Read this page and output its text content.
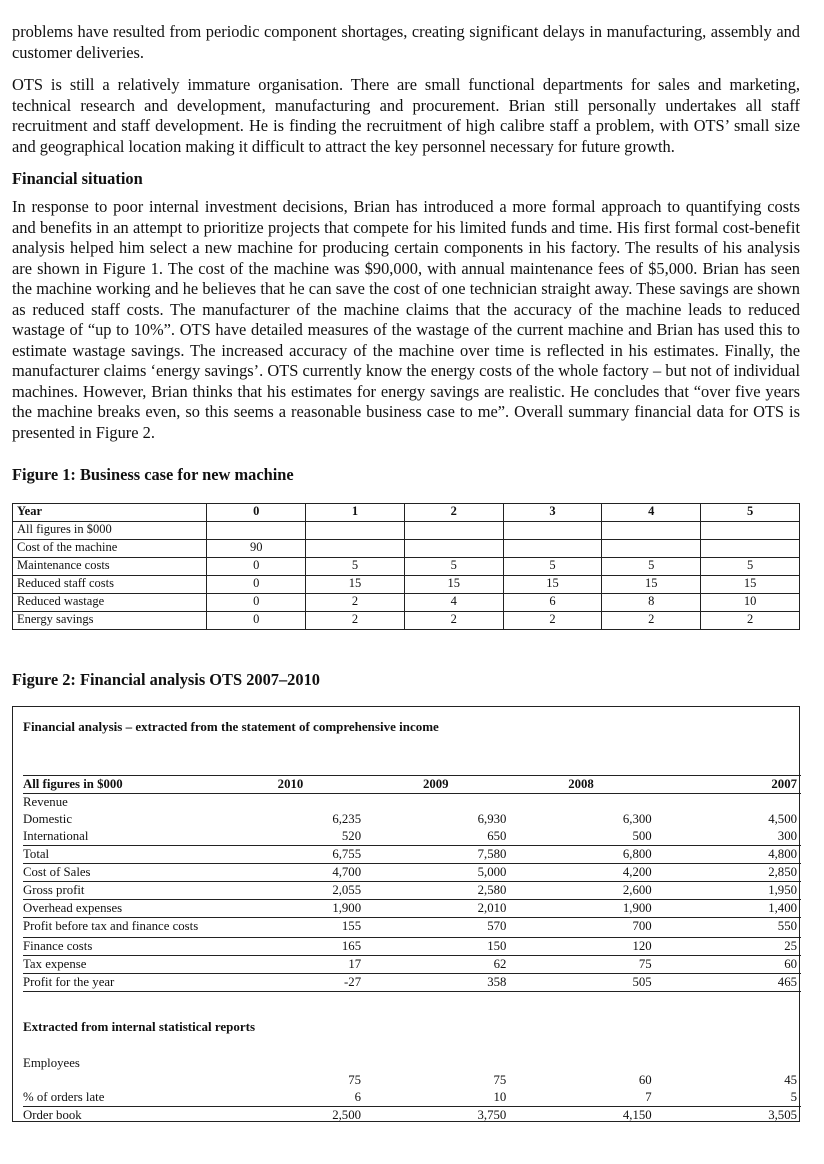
problems have resulted from periodic component shortages, creating significant delays in manufacturing, assembly and customer deliveries.

OTS is still a relatively immature organisation. There are small functional departments for sales and marketing, technical research and development, manufacturing and procurement. Brian still personally undertakes all staff recruitment and staff development. He is finding the recruitment of high calibre staff a problem, with OTS’ small size and geographical location making it difficult to attract the key personnel necessary for future growth.

Financial situation

In response to poor internal investment decisions, Brian has introduced a more formal approach to quantifying costs and benefits in an attempt to prioritize projects that compete for his limited funds and time. His first formal cost-benefit analysis helped him select a new machine for producing certain components in his factory. The results of his analysis are shown in Figure 1. The cost of the machine was $90,000, with annual maintenance fees of $5,000. Brian has seen the machine working and he believes that he can save the cost of one technician straight away. These savings are shown as reduced staff costs. The manufacturer of the machine claims that the accuracy of the machine leads to reduced wastage of “up to 10%”. OTS have detailed measures of the wastage of the current machine and Brian has used this to estimate wastage savings. The increased accuracy of the machine over time is reflected in his estimates. Finally, the manufacturer claims ‘energy savings’. OTS currently know the energy costs of the whole factory – but not of individual machines. However, Brian thinks that his estimates for energy savings are realistic. He concludes that “over five years the machine breaks even, so this seems a reasonable business case to me”. Overall summary financial data for OTS is presented in Figure 2.

Figure 1: Business case for new machine
Year	0	1	2	3	4	5
All figures in $000						
Cost of the machine	90					
Maintenance costs	0	5	5	5	5	5
Reduced staff costs	0	15	15	15	15	15
Reduced wastage	0	2	4	6	8	10
Energy savings	0	2	2	2	2	2
Figure 2: Financial analysis OTS 2007–2010
Financial analysis – extracted from the statement of comprehensive income
All figures in $000	2010	2009	2008	2007
Revenue				
Domestic	6,235	6,930	6,300	4,500
International	520	650	500	300
Total	6,755	7,580	6,800	4,800
Cost of Sales	4,700	5,000	4,200	2,850
Gross profit	2,055	2,580	2,600	1,950
Overhead expenses	1,900	2,010	1,900	1,400
Profit before tax and finance costs	155	570	700	550
Finance costs	165	150	120	25
Tax expense	17	62	75	60
Profit for the year	-27	358	505	465
Extracted from internal statistical reports
Employees	75	75	60	45
% of orders late	6	10	7	5
Order book	2,500	3,750	4,150	3,505
